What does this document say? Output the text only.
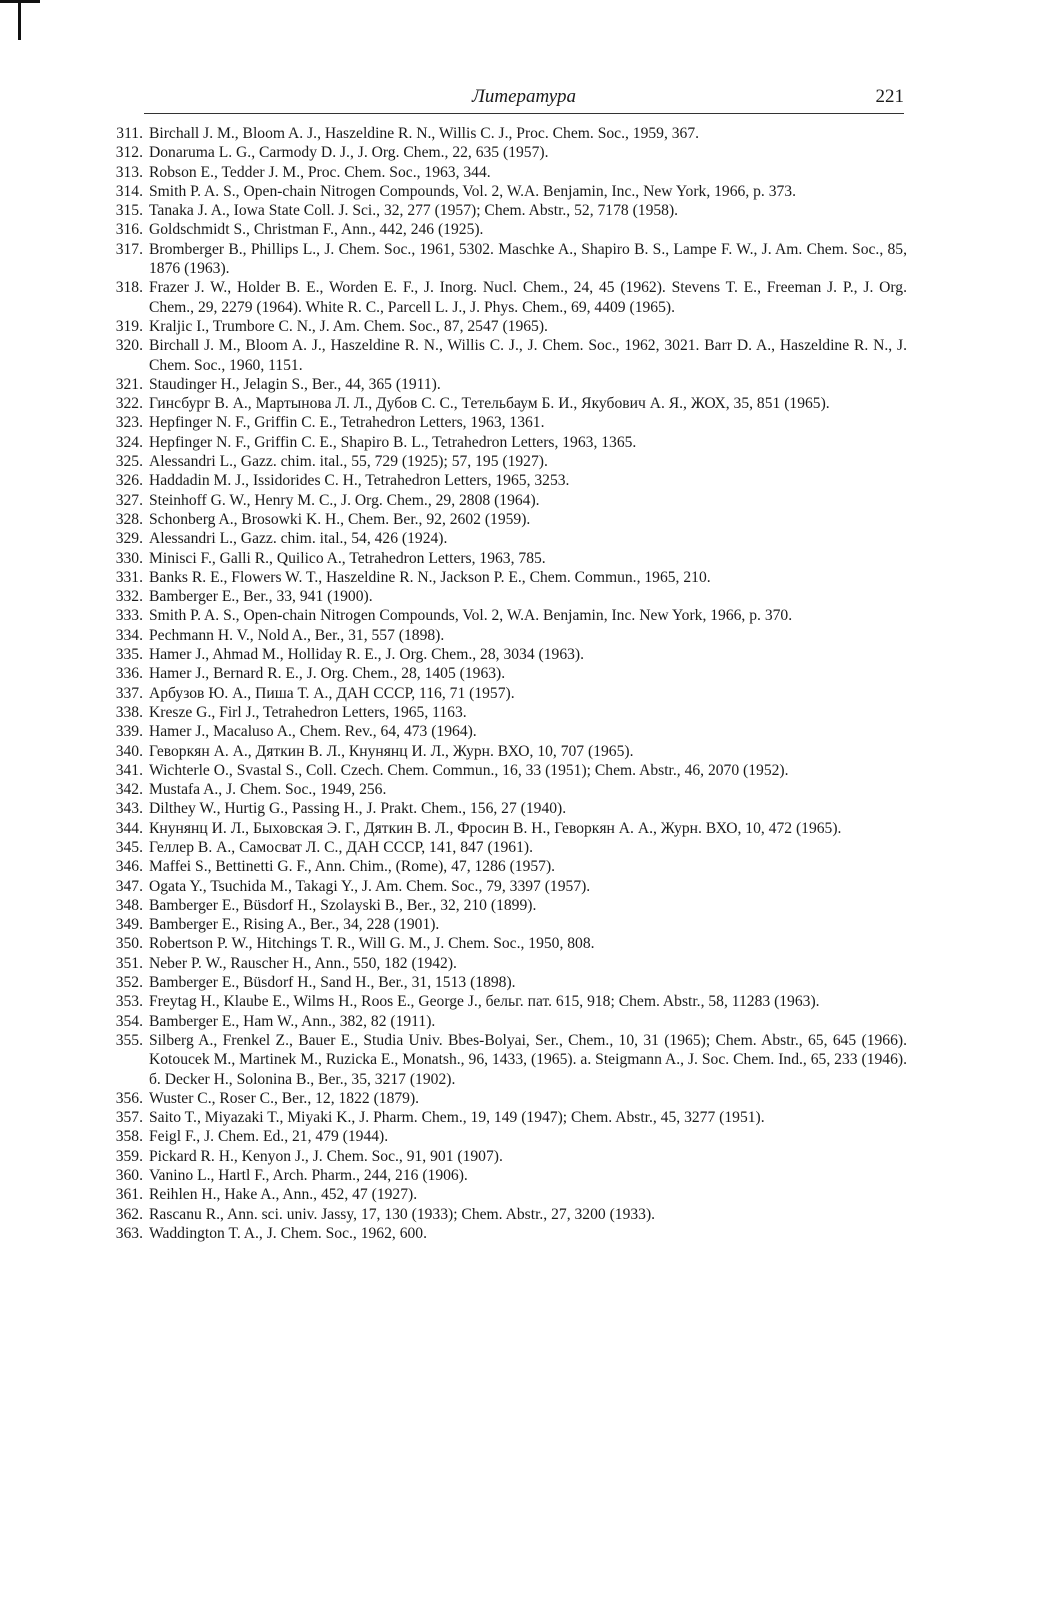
Литература	221
311. Birchall J. M., Bloom A. J., Haszeldine R. N., Willis C. J., Proc. Chem. Soc., 1959, 367.
312. Donaruma L. G., Carmody D. J., J. Org. Chem., 22, 635 (1957).
313. Robson E., Tedder J. M., Proc. Chem. Soc., 1963, 344.
314. Smith P. A. S., Open-chain Nitrogen Compounds, Vol. 2, W.A. Benjamin, Inc., New York, 1966, p. 373.
315. Tanaka J. A., Iowa State Coll. J. Sci., 32, 277 (1957); Chem. Abstr., 52, 7178 (1958).
316. Goldschmidt S., Christman F., Ann., 442, 246 (1925).
317. Bromberger B., Phillips L., J. Chem. Soc., 1961, 5302. Maschke A., Shapiro B. S., Lampe F. W., J. Am. Chem. Soc., 85, 1876 (1963).
318. Frazer J. W., Holder B. E., Worden E. F., J. Inorg. Nucl. Chem., 24, 45 (1962). Stevens T. E., Freeman J. P., J. Org. Chem., 29, 2279 (1964). White R. C., Parcell L. J., J. Phys. Chem., 69, 4409 (1965).
319. Kraljic I., Trumbore C. N., J. Am. Chem. Soc., 87, 2547 (1965).
320. Birchall J. M., Bloom A. J., Haszeldine R. N., Willis C. J., J. Chem. Soc., 1962, 3021. Barr D. A., Haszeldine R. N., J. Chem. Soc., 1960, 1151.
321. Staudinger H., Jelagin S., Ber., 44, 365 (1911).
322. Гинсбург В. А., Мартынова Л. Л., Дубов С. С., Тетельбаум Б. И., Якубович А. Я., ЖОХ, 35, 851 (1965).
323. Hepfinger N. F., Griffin C. E., Tetrahedron Letters, 1963, 1361.
324. Hepfinger N. F., Griffin C. E., Shapiro B. L., Tetrahedron Letters, 1963, 1365.
325. Alessandri L., Gazz. chim. ital., 55, 729 (1925); 57, 195 (1927).
326. Haddadin M. J., Issidorides C. H., Tetrahedron Letters, 1965, 3253.
327. Steinhoff G. W., Henry M. C., J. Org. Chem., 29, 2808 (1964).
328. Schonberg A., Brosowki K. H., Chem. Ber., 92, 2602 (1959).
329. Alessandri L., Gazz. chim. ital., 54, 426 (1924).
330. Minisci F., Galli R., Quilico A., Tetrahedron Letters, 1963, 785.
331. Banks R. E., Flowers W. T., Haszeldine R. N., Jackson P. E., Chem. Commun., 1965, 210.
332. Bamberger E., Ber., 33, 941 (1900).
333. Smith P. A. S., Open-chain Nitrogen Compounds, Vol. 2, W.A. Benjamin, Inc. New York, 1966, p. 370.
334. Pechmann H. V., Nold A., Ber., 31, 557 (1898).
335. Hamer J., Ahmad M., Holliday R. E., J. Org. Chem., 28, 3034 (1963).
336. Hamer J., Bernard R. E., J. Org. Chem., 28, 1405 (1963).
337. Арбузов Ю. А., Пиша Т. А., ДАН СССР, 116, 71 (1957).
338. Kresze G., Firl J., Tetrahedron Letters, 1965, 1163.
339. Hamer J., Macaluso A., Chem. Rev., 64, 473 (1964).
340. Геворкян А. А., Дяткин В. Л., Кнунянц И. Л., Журн. ВХО, 10, 707 (1965).
341. Wichterle O., Svastal S., Coll. Czech. Chem. Commun., 16, 33 (1951); Chem. Abstr., 46, 2070 (1952).
342. Mustafa A., J. Chem. Soc., 1949, 256.
343. Dilthey W., Hurtig G., Passing H., J. Prakt. Chem., 156, 27 (1940).
344. Кнунянц И. Л., Быховская Э. Г., Дяткин В. Л., Фросин В. Н., Геворкян А. А., Журн. ВХО, 10, 472 (1965).
345. Геллер В. А., Самосват Л. С., ДАН СССР, 141, 847 (1961).
346. Maffei S., Bettinetti G. F., Ann. Chim., (Rome), 47, 1286 (1957).
347. Ogata Y., Tsuchida M., Takagi Y., J. Am. Chem. Soc., 79, 3397 (1957).
348. Bamberger E., Büsdorf H., Szolayski B., Ber., 32, 210 (1899).
349. Bamberger E., Rising A., Ber., 34, 228 (1901).
350. Robertson P. W., Hitchings T. R., Will G. M., J. Chem. Soc., 1950, 808.
351. Neber P. W., Rauscher H., Ann., 550, 182 (1942).
352. Bamberger E., Büsdorf H., Sand H., Ber., 31, 1513 (1898).
353. Freytag H., Klaube E., Wilms H., Roos E., George J., бельг. пат. 615, 918; Chem. Abstr., 58, 11283 (1963).
354. Bamberger E., Ham W., Ann., 382, 82 (1911).
355. Silberg A., Frenkel Z., Bauer E., Studia Univ. Bbes-Bolyai, Ser., Chem., 10, 31 (1965); Chem. Abstr., 65, 645 (1966). Kotoucek M., Martinek M., Ruzicka E., Monatsh., 96, 1433, (1965). a. Steigmann A., J. Soc. Chem. Ind., 65, 233 (1946). б. Decker H., Solonina B., Ber., 35, 3217 (1902).
356. Wuster C., Roser C., Ber., 12, 1822 (1879).
357. Saito T., Miyazaki T., Miyaki K., J. Pharm. Chem., 19, 149 (1947); Chem. Abstr., 45, 3277 (1951).
358. Feigl F., J. Chem. Ed., 21, 479 (1944).
359. Pickard R. H., Kenyon J., J. Chem. Soc., 91, 901 (1907).
360. Vanino L., Hartl F., Arch. Pharm., 244, 216 (1906).
361. Reihlen H., Hake A., Ann., 452, 47 (1927).
362. Rascanu R., Ann. sci. univ. Jassy, 17, 130 (1933); Chem. Abstr., 27, 3200 (1933).
363. Waddington T. A., J. Chem. Soc., 1962, 600.
